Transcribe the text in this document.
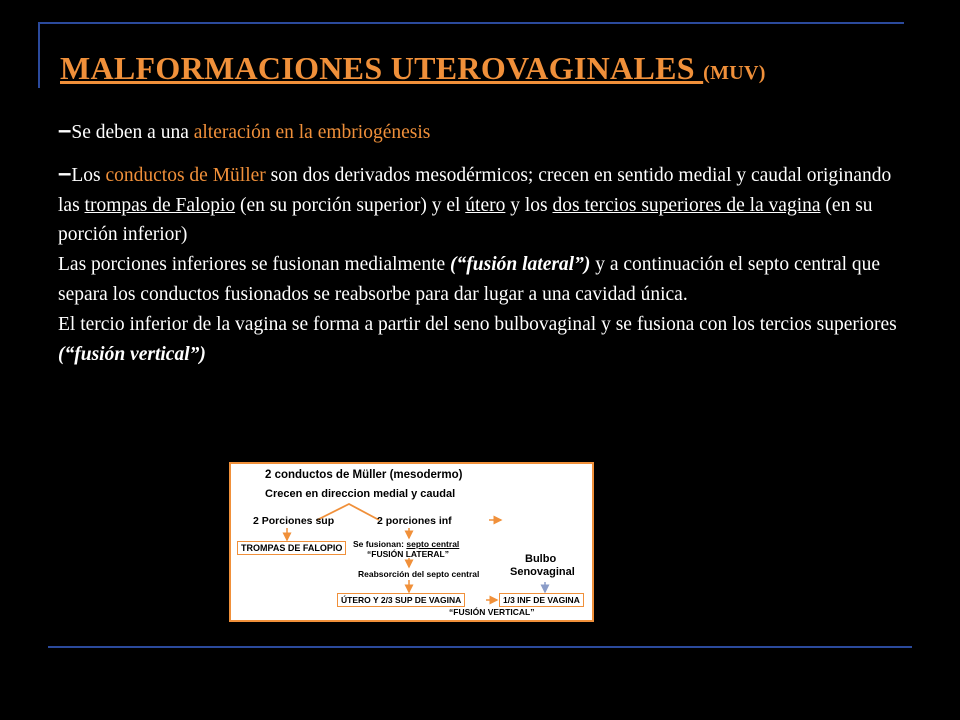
MALFORMACIONES UTEROVAGINALES (MUV)

–Se deben a una alteración en la embriogénesis

–Los conductos de Müller son dos derivados mesodérmicos; crecen en sentido medial y caudal originando las trompas de Falopio (en su porción superior) y el útero y los dos tercios superiores de la vagina (en su porción inferior)

Las porciones inferiores se fusionan medialmente (“fusión lateral”) y a continuación el septo central que separa los conductos fusionados se reabsorbe para dar lugar a una cavidad única.

El tercio inferior de la vagina se forma a partir del seno bulbovaginal y se fusiona con los tercios superiores (“fusión vertical”)

2 conductos de Müller (mesodermo)
Crecen en direccion medial y caudal
2 Porciones sup	2 porciones inf
TROMPAS DE FALOPIO	Se fusionan: septo central
“FUSIÓN LATERAL”
Reabsorción del septo central
Bulbo
Senovaginal
ÚTERO Y 2/3 SUP DE VAGINA	1/3 INF DE VAGINA
“FUSIÓN VERTICAL”
